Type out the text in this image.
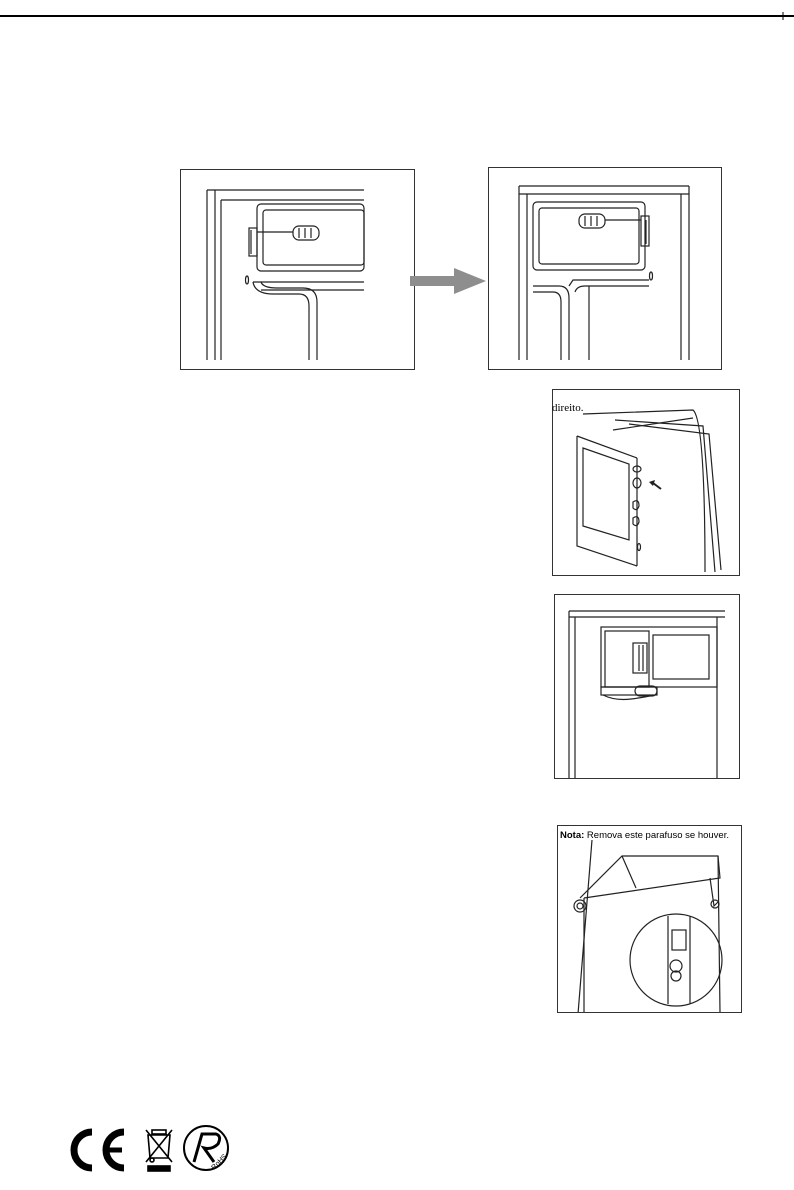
direito.
Nota: Remova este parafuso se houver.
RoHS
